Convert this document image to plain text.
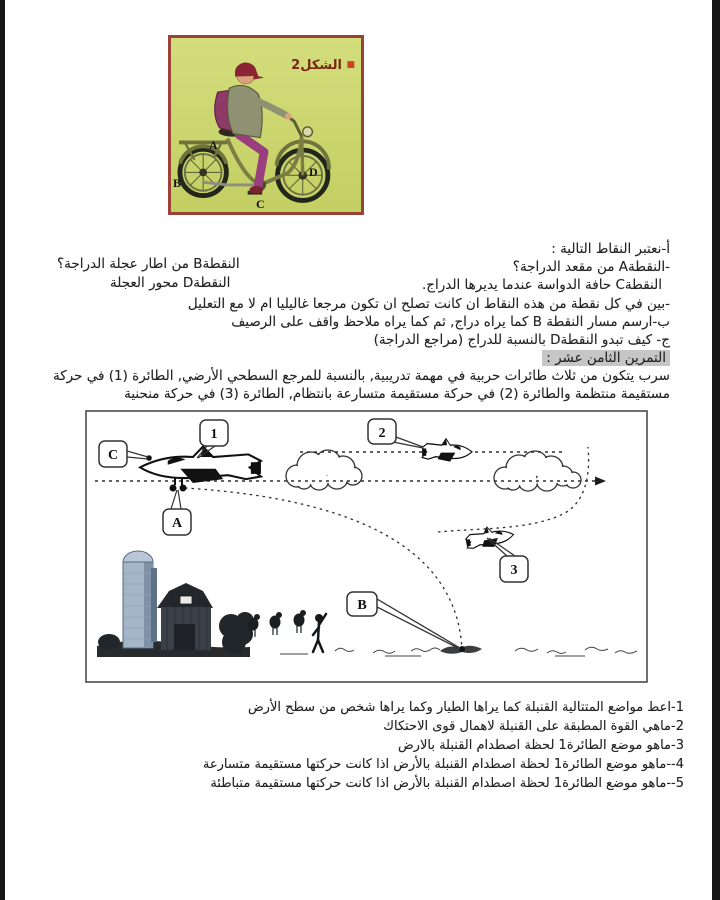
■ الشكل2
A
B
C
D
أ-نعتبر النقاط التالية :
-النقطةA من مقعد الدراجة؟
النقطةB من اطار عجلة الدراجة؟
النقطةC حافة الدواسة عندما يديرها الدراج.
النقطةD محور العجلة
-بين في كل نقطة من هذه النقاط ان كانت تصلح ان تكون مرجعا غاليليا ام لا مع التعليل
ب-ارسم مسار النقطة B كما يراه دراج, ثم كما يراه ملاحظ واقف على الرصيف
ج- كيف تبدو النقطةD بالنسبة للدراج (مراجع الدراجة)
التمرين الثامن عشر :
سرب يتكون من ثلاث طائرات حربية في مهمة تدريبية, بالنسبة للمرجع السطحي الأرضي, الطائرة (1) في حركة
مستقيمة منتظمة والطائرة (2) في حركة مستقيمة متسارعة بانتظام, الطائرة (3) في حركة منحنية
C
1
A
2
3
B
1-اعط مواضع المتتالية القنبلة كما يراها الطيار وكما يراها شخص من سطح الأرض
2-ماهي القوة المطبقة على القنبلة لاهمال قوى الاحتكاك
3-ماهو موضع الطائرة1 لحظة اصطدام القنبلة بالارض
4--ماهو موضع الطائرة1 لحظة اصطدام القنبلة بالأرض اذا كانت حركتها مستقيمة متسارعة
5--ماهو موضع الطائرة1 لحظة اصطدام القنبلة بالأرض اذا كانت حركتها مستقيمة متباطئة
